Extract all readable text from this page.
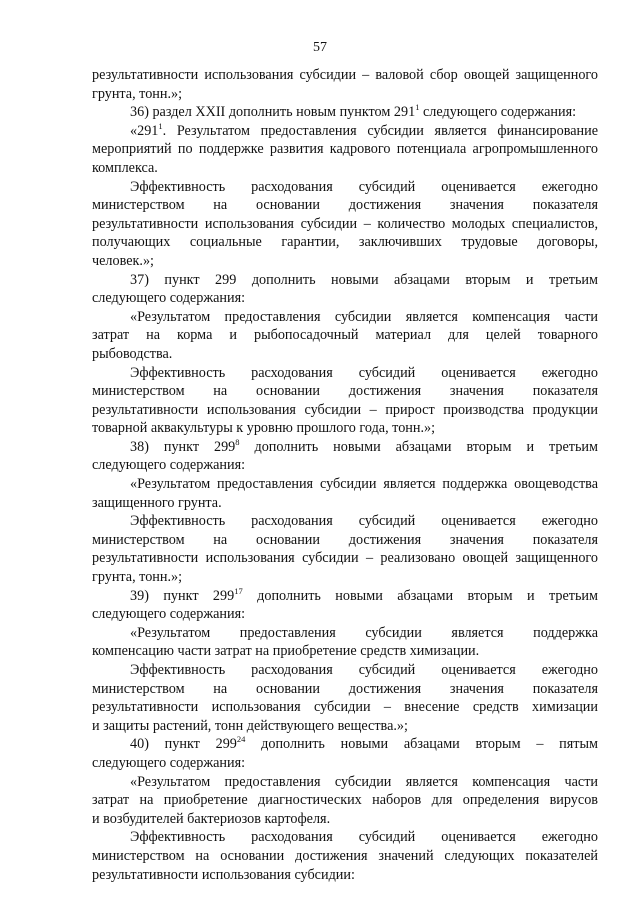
57
результативности использования субсидии – валовой сбор овощей защищенного
грунта, тонн.»;
36) раздел XXII дополнить новым пунктом $291^1$ следующего содержания:
«$291^1$. Результатом предоставления субсидии является финансирование
мероприятий по поддержке развития кадрового потенциала агропромышленного
комплекса.
Эффективность расходования субсидий оценивается ежегодно
министерством на основании достижения значения показателя
результативности использования субсидии – количество молодых специалистов,
получающих социальные гарантии, заключивших трудовые договоры,
человек.»;
37) пункт 299 дополнить новыми абзацами вторым и третьим
следующего содержания:
«Результатом предоставления субсидии является компенсация части
затрат на корма и рыбопосадочный материал для целей товарного
рыбоводства.
Эффективность расходования субсидий оценивается ежегодно
министерством на основании достижения значения показателя
результативности использования субсидии – прирост производства продукции
товарной аквакультуры к уровню прошлого года, тонн.»;
38) пункт $299^8$ дополнить новыми абзацами вторым и третьим
следующего содержания:
«Результатом предоставления субсидии является поддержка овощеводства
защищенного грунта.
Эффективность расходования субсидий оценивается ежегодно
министерством на основании достижения значения показателя
результативности использования субсидии – реализовано овощей защищенного
грунта, тонн.»;
39) пункт $299^{17}$ дополнить новыми абзацами вторым и третьим
следующего содержания:
«Результатом предоставления субсидии является поддержка
компенсацию части затрат на приобретение средств химизации.
Эффективность расходования субсидий оценивается ежегодно
министерством на основании достижения значения показателя
результативности использования субсидии – внесение средств химизации
и защиты растений, тонн действующего вещества.»;
40) пункт $299^{24}$ дополнить новыми абзацами вторым – пятым
следующего содержания:
«Результатом предоставления субсидии является компенсация части
затрат на приобретение диагностических наборов для определения вирусов
и возбудителей бактериозов картофеля.
Эффективность расходования субсидий оценивается ежегодно
министерством на основании достижения значений следующих показателей
результативности использования субсидии:
